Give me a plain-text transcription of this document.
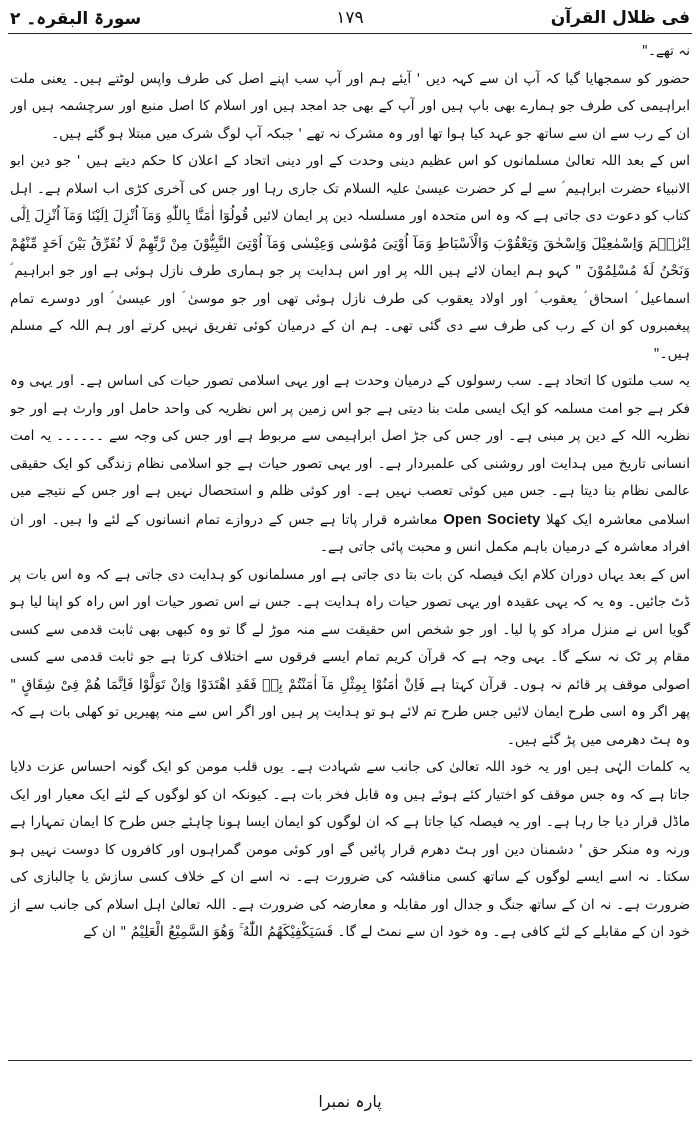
فی ظلال القرآن
١٧٩
سورۃ البقرہ۔ ٢

نہ تھے۔"

حضور کو سمجھایا گیا کہ آپ ان سے کہہ دیں ' آیئے ہم اور آپ سب اپنے اصل کی طرف واپس لوٹتے ہیں۔ یعنی ملت ابراہیمی کی طرف جو ہمارے بھی باپ ہیں اور آپ کے بھی جد امجد ہیں اور اسلام کا اصل منبع اور سرچشمہ ہیں اور ان کے رب سے ان سے ساتھ جو عہد کیا ہوا تھا اور وہ مشرک نہ تھے ' جبکہ آپ لوگ شرک میں مبتلا ہو گئے ہیں۔

اس کے بعد اللہ تعالیٰ مسلمانوں کو اس عظیم دینی وحدت کے اور دینی اتحاد کے اعلان کا حکم دیتے ہیں ' جو دین ابو الانبیاء حضرت ابراہیم ؑ سے لے کر حضرت عیسیٰ علیہ السلام تک جاری رہا اور جس کی آخری کڑی اب اسلام ہے۔ اہل کتاب کو دعوت دی جاتی ہے کہ وہ اس متحدہ اور مسلسلہ دین پر ایمان لائیں قُولُوٓا اٰمَنَّا بِاللّٰهِ وَمَآ اُنْزِلَ اِلَیْنَا وَمَآ اُنْزِلَ اِلٰٓى اِبْرٰهٖمَ وَاِسْمٰعِیْلَ وَاِسْحٰقَ وَیَعْقُوْبَ وَالْاَسْبَاطِ وَمَآ اُوْتِیَ مُوْسٰى وَعِیْسٰى وَمَآ اُوْتِیَ النَّبِیُّوْنَ مِنْ رَّبِّهِمْ لَا نُفَرِّقُ بَیْنَ اَحَدٍ مِّنْهُمْ وَنَحْنُ لَهٗ مُسْلِمُوْنَ " کہو ہم ایمان لائے ہیں اللہ پر اور اس ہدایت پر جو ہماری طرف نازل ہوئی ہے اور جو ابراہیم ؑ اسماعیل ؑ اسحاق ؑ یعقوب ؑ اور اولاد یعقوب کی طرف نازل ہوئی تھی اور جو موسیٰ ؑ اور عیسیٰ ؑ اور دوسرے تمام پیغمبروں کو ان کے رب کی طرف سے دی گئی تھی۔ ہم ان کے درمیان کوئی تفریق نہیں کرتے اور ہم اللہ کے مسلم ہیں۔"

یہ سب ملتوں کا اتحاد ہے۔ سب رسولوں کے درمیان وحدت ہے اور یہی اسلامی تصور حیات کی اساس ہے۔ اور یہی وہ فکر ہے جو امت مسلمہ کو ایک ایسی ملت بنا دیتی ہے جو اس زمین پر اس نظریہ کی واحد حامل اور وارث ہے اور جو نظریہ اللہ کے دین پر مبنی ہے۔ اور جس کی جڑ اصل ابراہیمی سے مربوط ہے اور جس کی وجہ سے ۔۔۔۔۔۔ یہ امت انسانی تاریخ میں ہدایت اور روشنی کی علمبردار ہے۔ اور یہی تصور حیات ہے جو اسلامی نظام زندگی کو ایک حقیقی عالمی نظام بنا دیتا ہے۔ جس میں کوئی تعصب نہیں ہے۔ اور کوئی ظلم و استحصال نہیں ہے اور جس کے نتیجے میں اسلامی معاشرہ ایک کھلا Open Society معاشرہ قرار پاتا ہے جس کے دروازے تمام انسانوں کے لئے وا ہیں۔ اور ان افراد معاشرہ کے درمیان باہم مکمل انس و محبت پائی جاتی ہے۔

اس کے بعد یہاں دوران کلام ایک فیصلہ کن بات بتا دی جاتی ہے اور مسلمانوں کو ہدایت دی جاتی ہے کہ وہ اس بات پر ڈٹ جائیں۔ وہ یہ کہ یہی عقیدہ اور یہی تصور حیات راہ ہدایت ہے۔ جس نے اس تصور حیات اور اس راہ کو اپنا لیا ہو گویا اس نے منزل مراد کو پا لیا۔ اور جو شخص اس حقیقت سے منہ موڑ لے گا تو وہ کبھی بھی ثابت قدمی سے کسی مقام پر ٹک نہ سکے گا۔ یہی وجہ ہے کہ قرآن کریم تمام ایسے فرقوں سے اختلاف کرتا ہے جو ثابت قدمی سے کسی اصولی موقف پر قائم نہ ہوں۔ قرآن کہتا ہے فَاِنْ اٰمَنُوْا بِمِثْلِ مَآ اٰمَنْتُمْ بِهٖ فَقَدِ اهْتَدَوْا وَاِنْ تَوَلَّوْا فَاِنَّمَا هُمْ فِیْ شِقَاقٍ " پھر اگر وہ اسی طرح ایمان لائیں جس طرح تم لائے ہو تو ہدایت پر ہیں اور اگر اس سے منہ پھیریں تو کھلی بات ہے کہ وہ ہٹ دھرمی میں پڑ گئے ہیں۔

یہ کلمات الہٰی ہیں اور یہ خود اللہ تعالیٰ کی جانب سے شہادت ہے۔ یوں قلب مومن کو ایک گونہ احساس عزت دلایا جاتا ہے کہ وہ جس موقف کو اختیار کئے ہوئے ہیں وہ قابل فخر بات ہے۔ کیونکہ ان کو لوگوں کے لئے ایک معیار اور ایک ماڈل قرار دیا جا رہا ہے۔ اور یہ فیصلہ کیا جاتا ہے کہ ان لوگوں کو ایمان ایسا ہونا چاہئے جس طرح کا ایمان تمہارا ہے ورنہ وہ منکر حق ' دشمنان دین اور ہٹ دھرم قرار پائیں گے اور کوئی مومن گمراہوں اور کافروں کا دوست نہیں ہو سکتا۔ نہ اسے ایسے لوگوں کے ساتھ کسی مناقشہ کی ضرورت ہے۔ نہ اسے ان کے خلاف کسی سازش یا چالبازی کی ضرورت ہے۔ نہ ان کے ساتھ جنگ و جدال اور مقابلہ و معارضہ کی ضرورت ہے۔ اللہ تعالیٰ اہل اسلام کی جانب سے از خود ان کے مقابلے کے لئے کافی ہے۔ وہ خود ان سے نمٹ لے گا۔ فَسَیَكْفِیْكَهُمُ اللّٰهُ ۚ وَهُوَ السَّمِیْعُ الْعَلِیْمُ " ان کے

پارہ نمبرا
